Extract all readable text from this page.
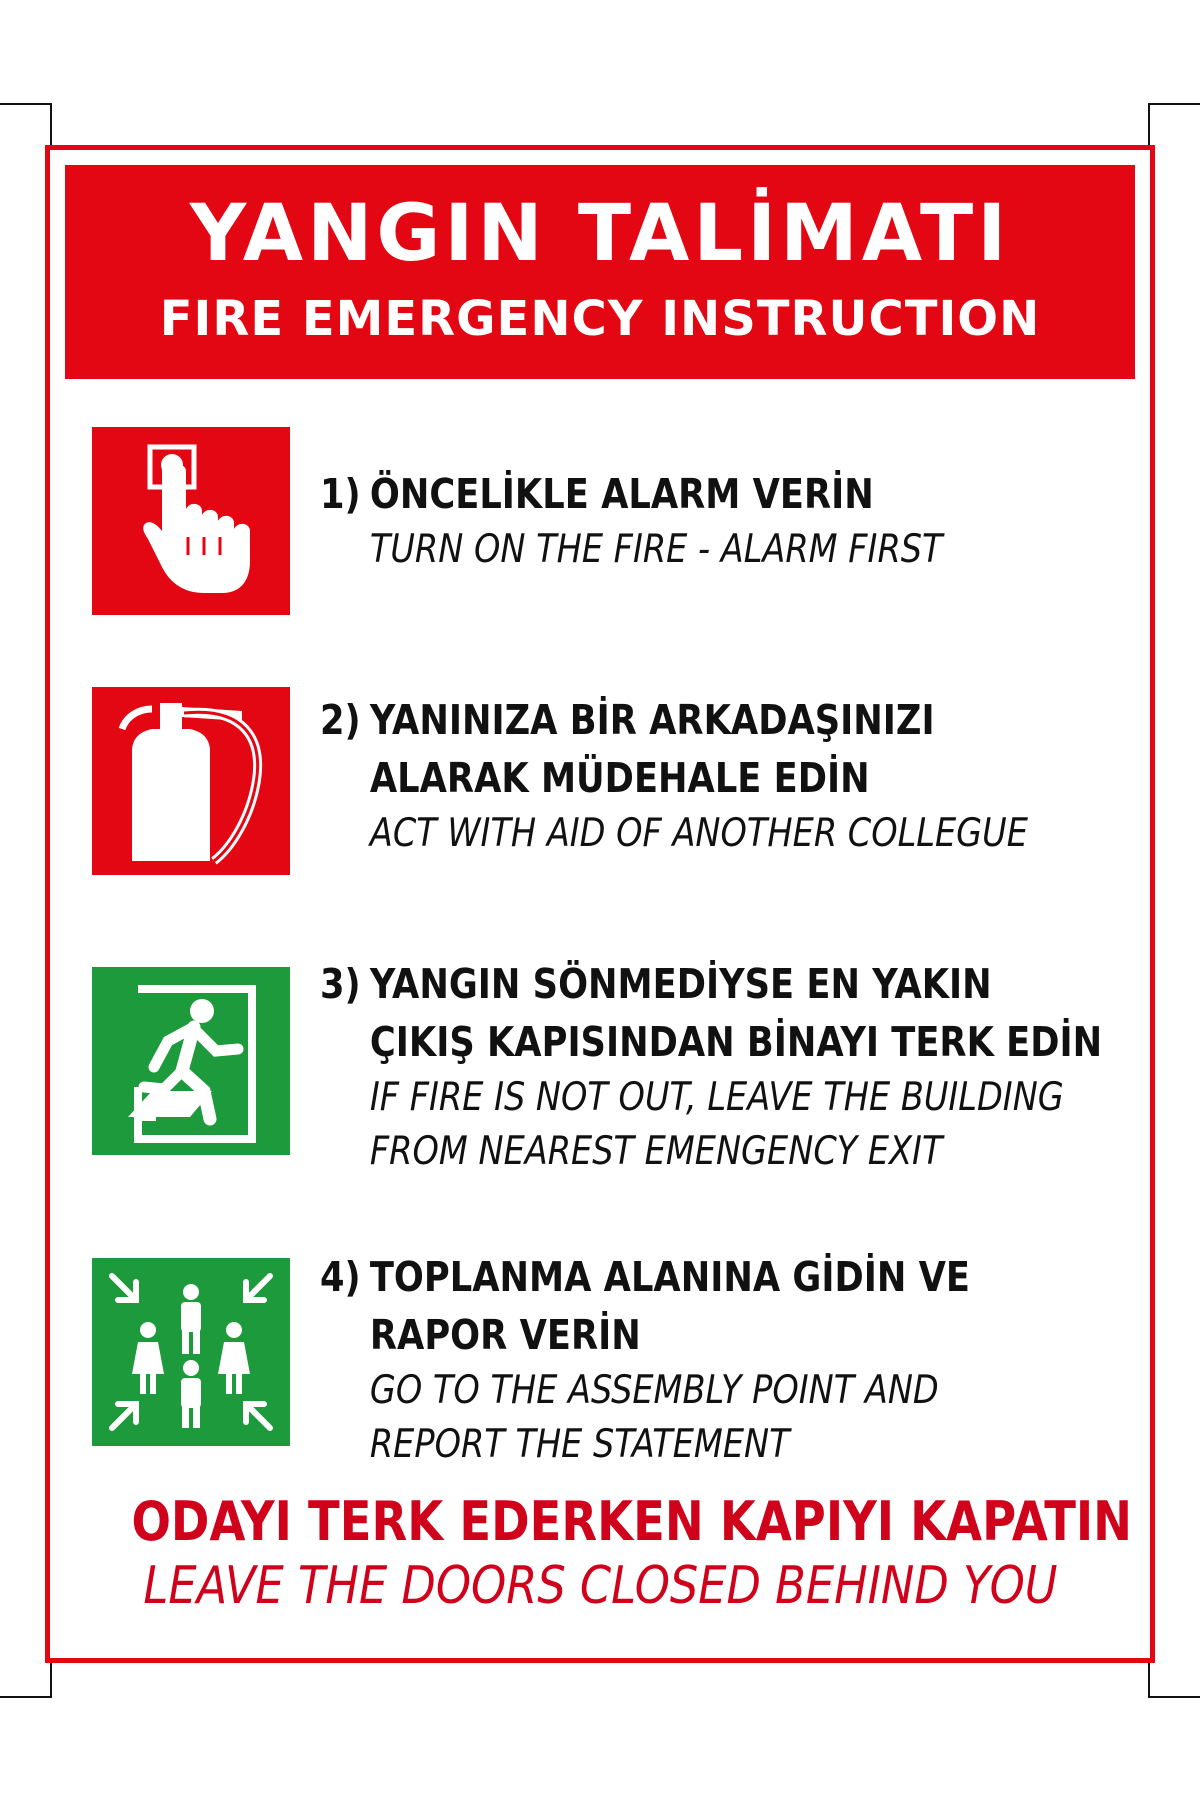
YANGIN TALİMATI
FIRE EMERGENCY INSTRUCTION
1) ÖNCELİKLE ALARM VERİN
TURN ON THE FIRE - ALARM FIRST
2) YANINIZA BİR ARKADAŞINIZI
ALARAK MÜDEHALE EDİN
ACT WITH AID OF ANOTHER COLLEGUE
3) YANGIN SÖNMEDİYSE EN YAKIN
ÇIKIŞ KAPISINDAN BİNAYI TERK EDİN
IF FIRE IS NOT OUT, LEAVE THE BUILDING
FROM NEAREST EMENGENCY EXIT
4) TOPLANMA ALANINA GİDİN VE
RAPOR VERİN
GO TO THE ASSEMBLY POINT AND
REPORT THE STATEMENT
ODAYI TERK EDERKEN KAPIYI KAPATIN
LEAVE THE DOORS CLOSED BEHIND YOU
